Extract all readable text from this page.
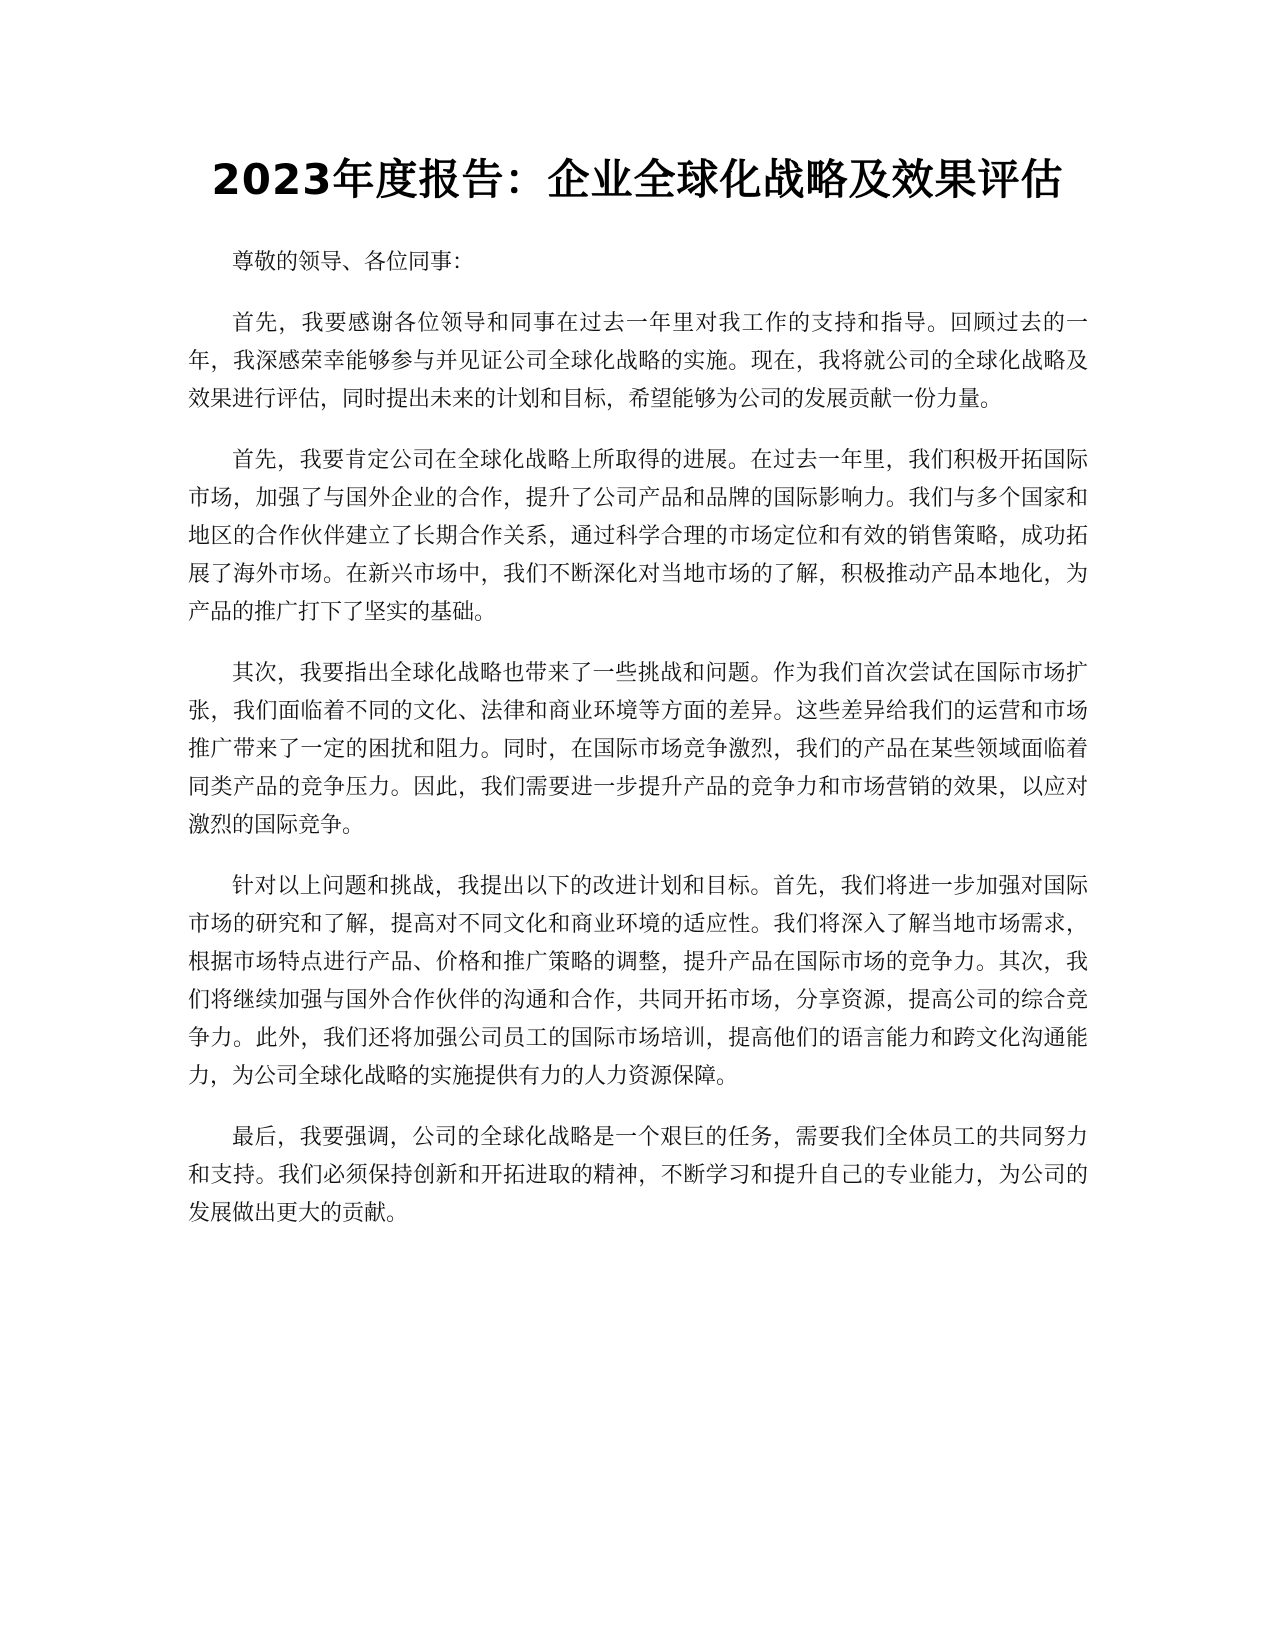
2023年度报告：企业全球化战略及效果评估

尊敬的领导、各位同事：

首先，我要感谢各位领导和同事在过去一年里对我工作的支持和指导。回顾过去的一年，我深感荣幸能够参与并见证公司全球化战略的实施。现在，我将就公司的全球化战略及效果进行评估，同时提出未来的计划和目标，希望能够为公司的发展贡献一份力量。

首先，我要肯定公司在全球化战略上所取得的进展。在过去一年里，我们积极开拓国际市场，加强了与国外企业的合作，提升了公司产品和品牌的国际影响力。我们与多个国家和地区的合作伙伴建立了长期合作关系，通过科学合理的市场定位和有效的销售策略，成功拓展了海外市场。在新兴市场中，我们不断深化对当地市场的了解，积极推动产品本地化，为产品的推广打下了坚实的基础。

其次，我要指出全球化战略也带来了一些挑战和问题。作为我们首次尝试在国际市场扩张，我们面临着不同的文化、法律和商业环境等方面的差异。这些差异给我们的运营和市场推广带来了一定的困扰和阻力。同时，在国际市场竞争激烈，我们的产品在某些领域面临着同类产品的竞争压力。因此，我们需要进一步提升产品的竞争力和市场营销的效果，以应对激烈的国际竞争。

针对以上问题和挑战，我提出以下的改进计划和目标。首先，我们将进一步加强对国际市场的研究和了解，提高对不同文化和商业环境的适应性。我们将深入了解当地市场需求，根据市场特点进行产品、价格和推广策略的调整，提升产品在国际市场的竞争力。其次，我们将继续加强与国外合作伙伴的沟通和合作，共同开拓市场，分享资源，提高公司的综合竞争力。此外，我们还将加强公司员工的国际市场培训，提高他们的语言能力和跨文化沟通能力，为公司全球化战略的实施提供有力的人力资源保障。

最后，我要强调，公司的全球化战略是一个艰巨的任务，需要我们全体员工的共同努力和支持。我们必须保持创新和开拓进取的精神，不断学习和提升自己的专业能力，为公司的发展做出更大的贡献。
